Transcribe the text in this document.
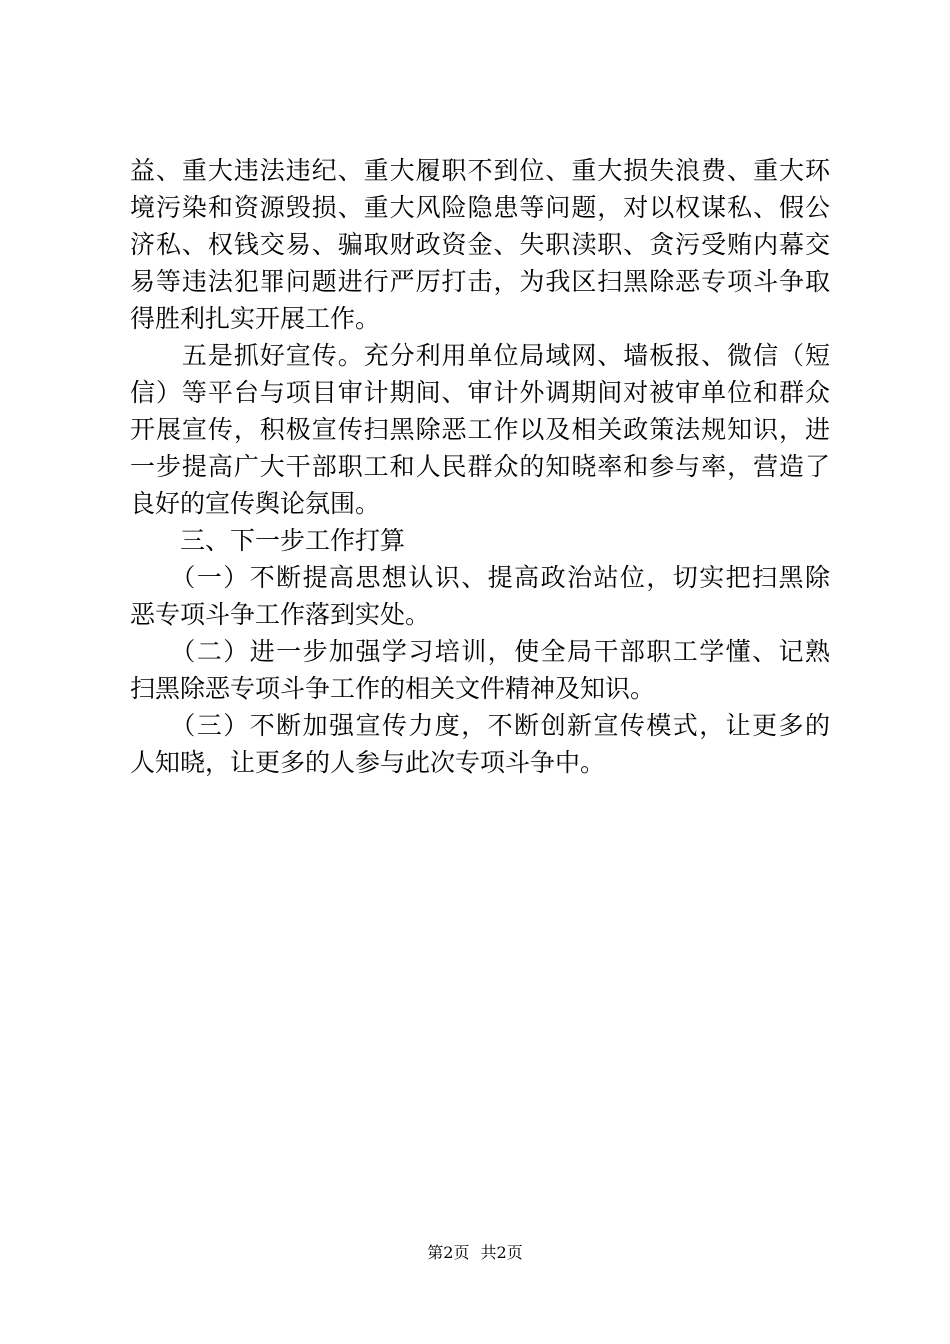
益、重大违法违纪、重大履职不到位、重大损失浪费、重大环
境污染和资源毁损、重大风险隐患等问题，对以权谋私、假公
济私、权钱交易、骗取财政资金、失职渎职、贪污受贿内幕交
易等违法犯罪问题进行严厉打击，为我区扫黑除恶专项斗争取
得胜利扎实开展工作。
　　五是抓好宣传。充分利用单位局域网、墙板报、微信（短
信）等平台与项目审计期间、审计外调期间对被审单位和群众
开展宣传，积极宣传扫黑除恶工作以及相关政策法规知识，进
一步提高广大干部职工和人民群众的知晓率和参与率，营造了
良好的宣传舆论氛围。
　　三、下一步工作打算
　　（一）不断提高思想认识、提高政治站位，切实把扫黑除
恶专项斗争工作落到实处。
　　（二）进一步加强学习培训，使全局干部职工学懂、记熟
扫黑除恶专项斗争工作的相关文件精神及知识。
　　（三）不断加强宣传力度，不断创新宣传模式，让更多的
人知晓，让更多的人参与此次专项斗争中。
第2页 共2页
